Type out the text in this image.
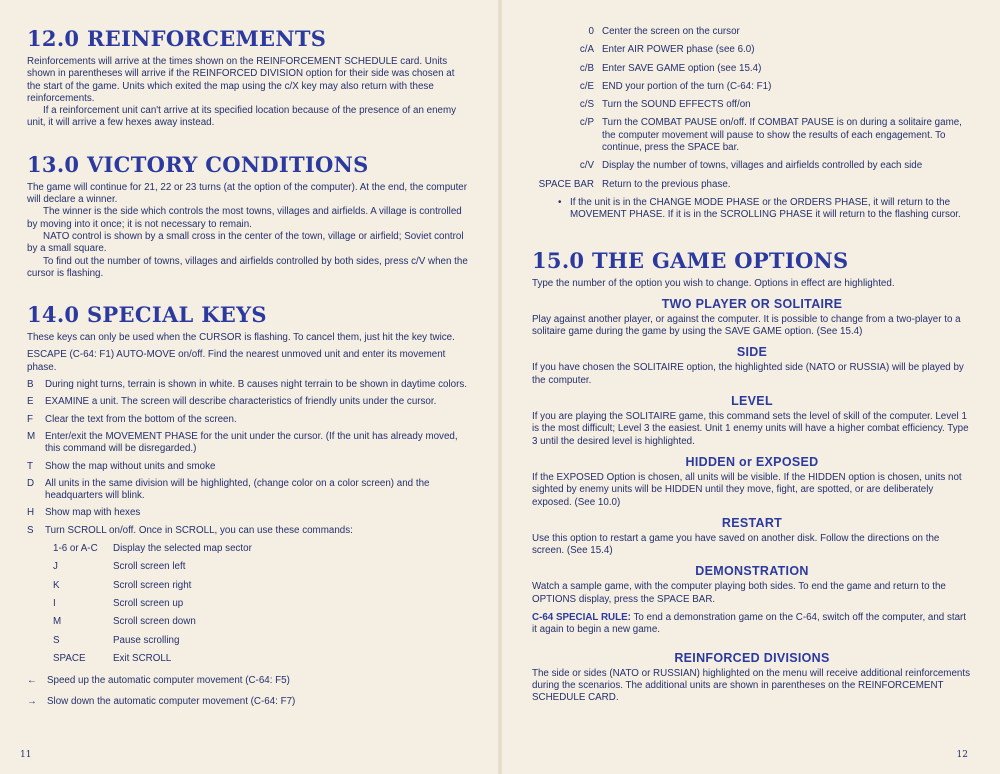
12.0 REINFORCEMENTS

Reinforcements will arrive at the times shown on the REINFORCEMENT SCHEDULE card. Units shown in parentheses will arrive if the REINFORCED DIVISION option for their side was chosen at the start of the game. Units which exited the map using the c/X key may also return with these reinforcements.

If a reinforcement unit can't arrive at its specified location because of the presence of an enemy unit, it will arrive a few hexes away instead.

13.0 VICTORY CONDITIONS

The game will continue for 21, 22 or 23 turns (at the option of the computer). At the end, the computer will declare a winner.

The winner is the side which controls the most towns, villages and airfields. A village is controlled by moving into it once; it is not necessary to remain.

NATO control is shown by a small cross in the center of the town, village or airfield; Soviet control by a small square.

To find out the number of towns, villages and airfields controlled by both sides, press c/V when the cursor is flashing.

14.0 SPECIAL KEYS

These keys can only be used when the CURSOR is flashing. To cancel them, just hit the key twice.

ESCAPE (C-64: F1) AUTO-MOVE on/off. Find the nearest unmoved unit and enter its movement phase.

B	During night turns, terrain is shown in white. B causes night terrain to be shown in daytime colors.
E	EXAMINE a unit. The screen will describe characteristics of friendly units under the cursor.
F	Clear the text from the bottom of the screen.
M	Enter/exit the MOVEMENT PHASE for the unit under the cursor. (If the unit has already moved, this command will be disregarded.)
T	Show the map without units and smoke
D	All units in the same division will be highlighted, (change color on a color screen) and the headquarters will blink.
H	Show map with hexes
S	Turn SCROLL on/off. Once in SCROLL, you can use these commands:
1-6 or A-C	Display the selected map sector
J	Scroll screen left
K	Scroll screen right
I	Scroll screen up
M	Scroll screen down
S	Pause scrolling
SPACE	Exit SCROLL
←	Speed up the automatic computer movement (C-64: F5)
→	Slow down the automatic computer movement (C-64: F7)
11
0 Center the screen on the cursor
c/A Enter AIR POWER phase (see 6.0)
c/B Enter SAVE GAME option (see 15.4)
c/E END your portion of the turn (C-64: F1)
c/S Turn the SOUND EFFECTS off/on
c/P Turn the COMBAT PAUSE on/off. If COMBAT PAUSE is on during a solitaire game, the computer movement will pause to show the results of each engagement. To continue, press the SPACE bar.
c/V Display the number of towns, villages and airfields controlled by each side
SPACE BAR Return to the previous phase.
• If the unit is in the CHANGE MODE PHASE or the ORDERS PHASE, it will return to the MOVEMENT PHASE. If it is in the SCROLLING PHASE it will return to the flashing cursor.
15.0 THE GAME OPTIONS

Type the number of the option you wish to change. Options in effect are highlighted.

TWO PLAYER OR SOLITAIRE

Play against another player, or against the computer. It is possible to change from a two-player to a solitaire game during the game by using the SAVE GAME option. (See 15.4)

SIDE

If you have chosen the SOLITAIRE option, the highlighted side (NATO or RUSSIA) will be played by the computer.

LEVEL

If you are playing the SOLITAIRE game, this command sets the level of skill of the computer. Level 1 is the most difficult; Level 3 the easiest. Unit 1 enemy units will have a higher combat efficiency. Type 3 until the desired level is highlighted.

HIDDEN or EXPOSED

If the EXPOSED Option is chosen, all units will be visible. If the HIDDEN option is chosen, units not sighted by enemy units will be HIDDEN until they move, fight, are spotted, or are deliberately exposed. (See 10.0)

RESTART

Use this option to restart a game you have saved on another disk. Follow the directions on the screen. (See 15.4)

DEMONSTRATION

Watch a sample game, with the computer playing both sides. To end the game and return to the OPTIONS display, press the SPACE BAR.

C-64 SPECIAL RULE: To end a demonstration game on the C-64, switch off the computer, and start it again to begin a new game.

REINFORCED DIVISIONS

The side or sides (NATO or RUSSIAN) highlighted on the menu will receive additional reinforcements during the scenarios. The additional units are shown in parentheses on the REINFORCEMENT SCHEDULE CARD.

12
